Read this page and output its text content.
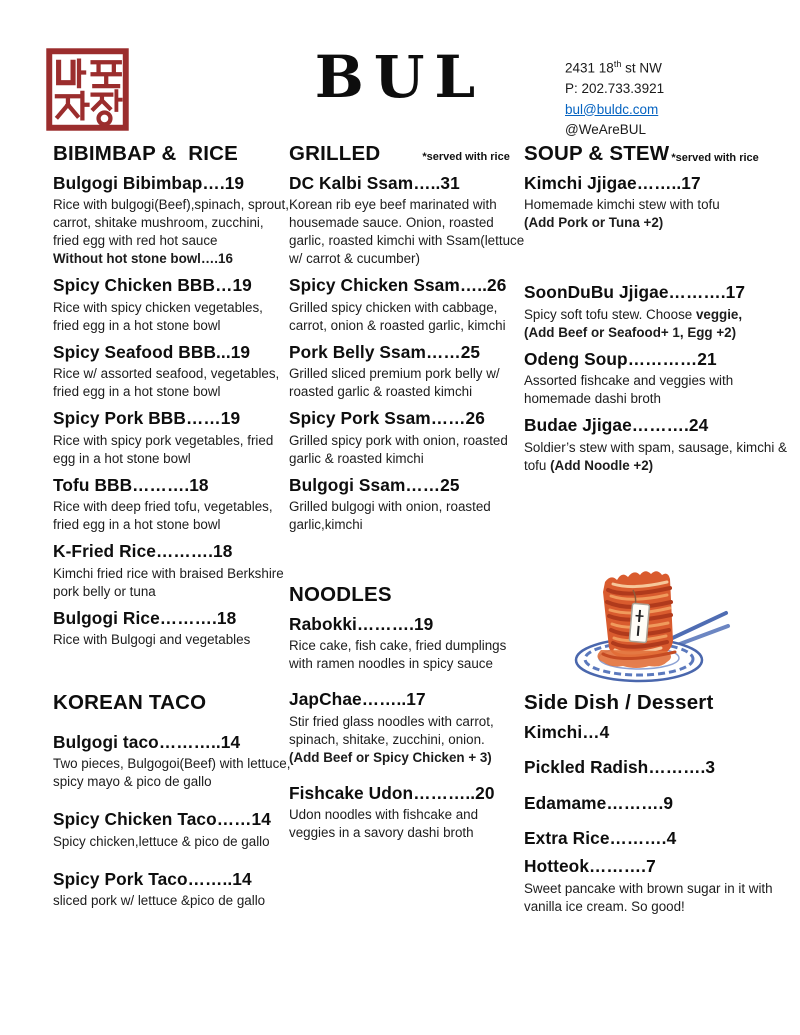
BUL	2431 18th st NW
P: 202.733.3921
bul@buldc.com
@WeAreBUL
BIBIMBAP &  RICE
Bulgogi Bibimbap….19

Rice with bulgogi(Beef),spinach, sprout, carrot, shitake mushroom, zucchini, fried egg with red hot sauce
Without hot stone bowl….16

Spicy Chicken BBB…19

Rice with spicy chicken vegetables, fried egg in a hot stone bowl

Spicy Seafood BBB...19

Rice w/ assorted seafood, vegetables, fried egg in a hot stone bowl

Spicy Pork BBB……19

Rice with spicy pork vegetables, fried egg in a hot stone bowl

Tofu BBB……….18

Rice with deep fried tofu, vegetables, fried egg in a hot stone bowl

K-Fried Rice……….18

Kimchi fried rice with braised Berkshire pork belly or tuna

Bulgogi Rice……….18

Rice with Bulgogi and vegetables

KOREAN TACO
Bulgogi taco………..14

Two pieces, Bulgogoi(Beef) with lettuce, spicy mayo & pico de gallo

Spicy Chicken Taco……14

Spicy chicken,lettuce & pico de gallo

Spicy Pork Taco……..14

sliced pork w/ lettuce &pico de gallo

GRILLED	*served with rice
DC Kalbi Ssam…..31

Korean rib eye beef marinated with housemade sauce. Onion, roasted garlic, roasted kimchi with Ssam(lettuce w/ carrot & cucumber)

Spicy Chicken Ssam…..26

Grilled spicy chicken with cabbage, carrot, onion & roasted garlic, kimchi

Pork Belly Ssam……25

Grilled sliced premium pork belly w/ roasted garlic & roasted kimchi

Spicy Pork Ssam……26

Grilled spicy pork with onion, roasted garlic & roasted kimchi

Bulgogi Ssam……25

Grilled bulgogi with onion, roasted garlic,kimchi

NOODLES
Rabokki……….19

Rice cake, fish cake, fried dumplings with ramen noodles in spicy sauce

JapChae……..17

Stir fried glass noodles with carrot, spinach, shitake, zucchini, onion.
(Add Beef or Spicy Chicken + 3)

Fishcake Udon………..20

Udon noodles with fishcake and veggies in a savory dashi broth

SOUP & STEW *served with rice
Kimchi Jjigae……..17

Homemade kimchi stew with tofu
(Add Pork or Tuna +2)

SoonDuBu Jjigae……….17

Spicy soft tofu stew. Choose veggie,
(Add Beef or Seafood+ 1, Egg +2)

Odeng Soup…………21

Assorted fishcake and veggies with homemade dashi broth

Budae Jjigae……….24

Soldier’s stew with spam, sausage, kimchi & tofu (Add Noodle +2)

Side Dish / Dessert
Kimchi…4
Pickled Radish……….3
Edamame……….9
Extra Rice……….4
Hotteok……….7

Sweet pancake with brown sugar in it with vanilla ice cream. So good!
